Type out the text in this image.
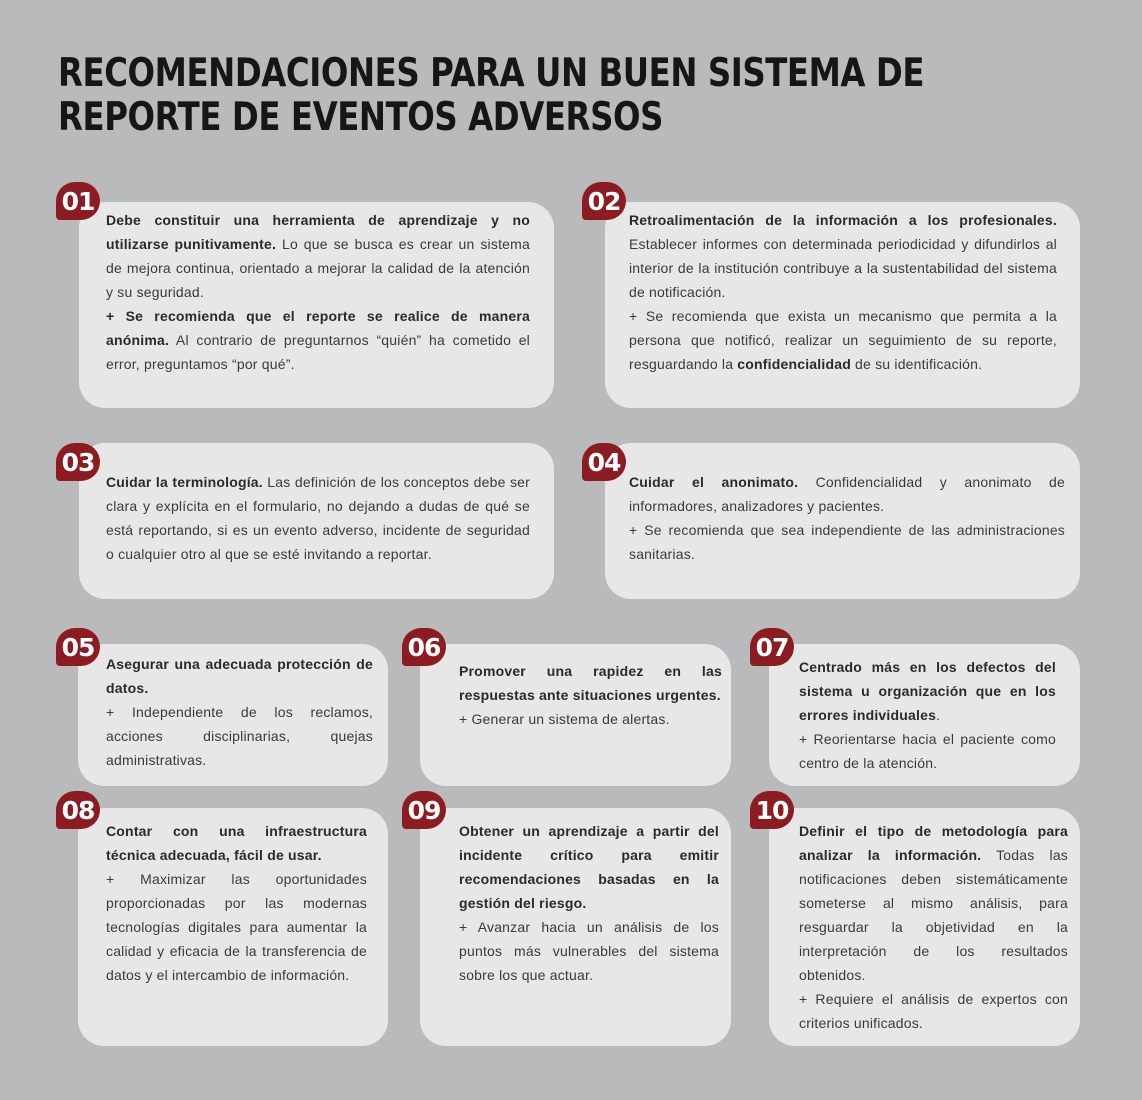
RECOMENDACIONES PARA UN BUEN SISTEMA DE
REPORTE DE EVENTOS ADVERSOS
01

Debe constituir una herramienta de aprendizaje y no utilizarse punitivamente. Lo que se busca es crear un sistema de mejora continua, orientado a mejorar la calidad de la atención y su seguridad.

+ Se recomienda que el reporte se realice de manera anónima. Al contrario de preguntarnos “quién” ha cometido el error, preguntamos “por qué”.

02

Retroalimentación de la información a los profesionales. Establecer informes con determinada periodicidad y difundirlos al interior de la institución contribuye a la sustentabilidad del sistema de notificación.

+ Se recomienda que exista un mecanismo que permita a la persona que notificó, realizar un seguimiento de su reporte, resguardando la confidencialidad de su identificación.

03

Cuidar la terminología. Las definición de los conceptos debe ser clara y explícita en el formulario, no dejando a dudas de qué se está reportando, si es un evento adverso, incidente de seguridad o cualquier otro al que se esté invitando a reportar.

04

Cuidar el anonimato. Confidencialidad y anonimato de informadores, analizadores y pacientes.

+ Se recomienda que sea independiente de las administraciones sanitarias.

05

Asegurar una adecuada protección de datos.

+ Independiente de los reclamos, acciones disciplinarias, quejas administrativas.

06

Promover una rapidez en las respuestas ante situaciones urgentes.

+ Generar un sistema de alertas.

07

Centrado más en los defectos del sistema u organización que en los errores individuales.

+ Reorientarse hacia el paciente como centro de la atención.

08

Contar con una infraestructura técnica adecuada, fácil de usar.

+ Maximizar las oportunidades proporcionadas por las modernas tecnologías digitales para aumentar la calidad y eficacia de la transferencia de datos y el intercambio de información.

09

Obtener un aprendizaje a partir del incidente crítico para emitir recomendaciones basadas en la gestión del riesgo.

+ Avanzar hacia un análisis de los puntos más vulnerables del sistema sobre los que actuar.

10

Definir el tipo de metodología para analizar la información. Todas las notificaciones deben sistemáticamente someterse al mismo análisis, para resguardar la objetividad en la interpretación de los resultados obtenidos.

+ Requiere el análisis de expertos con criterios unificados.
